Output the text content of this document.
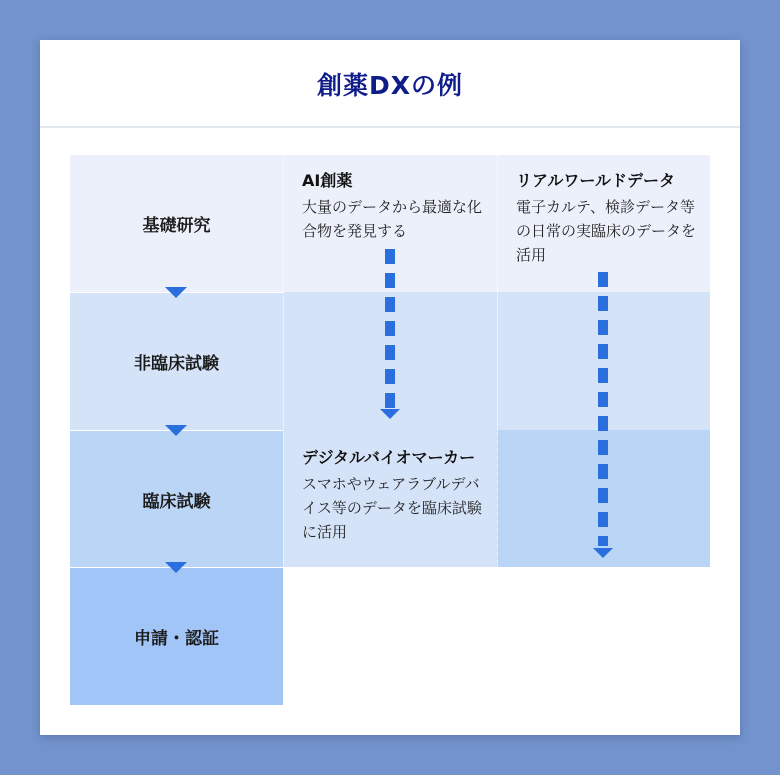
創薬DXの例
基礎研究
非臨床試験
臨床試験
申請・認証
AI創薬
大量のデータから最適な化合物を発見する
リアルワールドデータ
電子カルテ、検診データ等の日常の実臨床のデータを活用
デジタルバイオマーカー
スマホやウェアラブルデバイス等のデータを臨床試験に活用
